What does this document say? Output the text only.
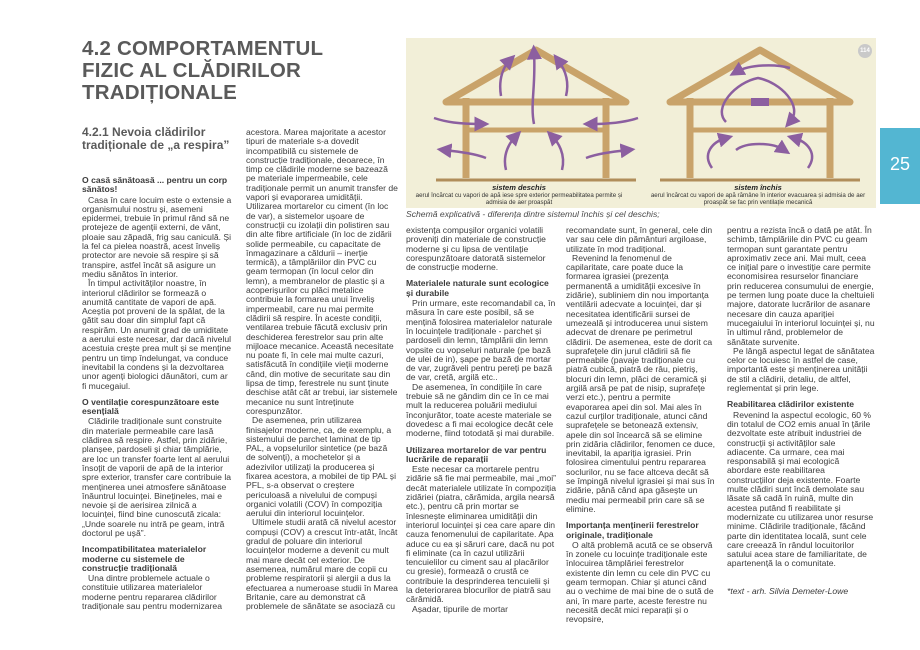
4.2 COMPORTAMENTUL FIZIC AL CLĂDIRILOR TRADIȚIONALE
4.2.1 Nevoia clădirilor tradiționale de „a respira”
25
114
sistem deschis
aerul încărcat cu vapori de apă iese spre exterior permeabilitatea permite și admisia de aer proaspăt
sistem închis
aerul încărcat cu vapori de apă rămâne în interior evacuarea și admisia de aer proaspăt se fac prin ventilație mecanică
Schemă explicativă - diferența dintre sistemul închis și cel deschis;
O casă sănătoasă ... pentru un corp sănătos!

Casa în care locuim este o extensie a organismului nostru și, asemeni epidermei, trebuie în primul rând să ne protejeze de agenții externi, de vânt, ploaie sau zăpadă, frig sau caniculă. Și la fel ca pielea noastră, acest înveliș protector are nevoie să respire și să transpire, astfel încât să asigure un mediu sănătos în interior.

În timpul activităților noastre, în interiorul clădirilor se formează o anumită cantitate de vapori de apă. Aceștia pot proveni de la spălat, de la gătit sau doar din simplul fapt că respirăm. Un anumit grad de umiditate a aerului este necesar, dar dacă nivelul acestuia crește prea mult și se menține pentru un timp îndelungat, va conduce inevitabil la condens și la dezvoltarea unor agenți biologici dăunători, cum ar fi mucegaiul.

O ventilație corespunzătoare este esențială

Clădirile tradiționale sunt construite din materiale permeabile care lasă clădirea să respire. Astfel, prin zidărie, planșee, pardoseli și chiar tâmplărie, are loc un transfer foarte lent al aerului însoțit de vaporii de apă de la interior spre exterior, transfer care contribuie la menținerea unei atmosfere sănătoase înăuntrul locuinței. Binețineles, mai e nevoie și de aerisirea zilnică a locuinței, fiind bine cunoscută zicala: „Unde soarele nu intră pe geam, intră doctorul pe ușă”.

Incompatibilitatea materialelor moderne cu sistemele de construcție tradițională

Una dintre problemele actuale o constituie utilizarea materialelor moderne pentru repararea clădirilor tradiționale sau pentru modernizarea

acestora. Marea majoritate a acestor tipuri de materiale s-a dovedit incompatibilă cu sistemele de construcție tradiționale, deoarece, în timp ce clădirile moderne se bazează pe materiale impermeabile, cele tradiționale permit un anumit transfer de vapori și evaporarea umidității. Utilizarea mortarelor cu ciment (în loc de var), a sistemelor ușoare de construcții cu izolații din polistiren sau din alte fibre artificiale (în loc de zidării solide permeabile, cu capacitate de înmagazinare a căldurii – inerție termică), a tâmplăriilor din PVC cu geam termopan (în locul celor din lemn), a membranelor de plastic și a acoperișurilor cu plăci metalice contribuie la formarea unui înveliș impermeabil, care nu mai permite clădirii să respire. În aceste condiții, ventilarea trebuie făcută exclusiv prin deschiderea ferestrelor sau prin alte mijloace mecanice. Această necesitate nu poate fi, în cele mai multe cazuri, satisfăcută în condițiile vieții moderne când, din motive de securitate sau din lipsa de timp, ferestrele nu sunt ținute deschise atât cât ar trebui, iar sistemele mecanice nu sunt întreținute corespunzător.

De asemenea, prin utilizarea finisajelor moderne, ca, de exemplu, a sistemului de parchet laminat de tip PAL, a vopselurilor sintetice (pe bază de solvenți), a mochetelor și a adezivilor utilizați la producerea și fixarea acestora, a mobilei de tip PAL și PFL, s-a observat o creștere periculoasă a nivelului de compuși organici volatili (COV) în compoziția aerului din interiorul locuințelor.

Ultimele studii arată că nivelul acestor compuși (COV) a crescut într-atât, încât gradul de poluare din interiorul locuințelor moderne a devenit cu mult mai mare decât cel exterior. De asemenea, numărul mare de copii cu probleme respiratorii și alergii a dus la efectuarea a numeroase studii în Marea Britanie, care au demonstrat că problemele de sănătate se asociază cu

existența compușilor organici volatili proveniți din materiale de construcție moderne și cu lipsa de ventilație corespunzătoare datorată sistemelor de construcție moderne.

Materialele naturale sunt ecologice și durabile

Prin urmare, este recomandabil ca, în măsura în care este posibil, să se mențină folosirea materialelor naturale în locuințele tradiționale - parchet și pardoseli din lemn, tâmplării din lemn vopsite cu vopseluri naturale (pe bază de ulei de in), șape pe bază de mortar de var, zugrăveli pentru pereți pe bază de var, cretă, argilă etc..

De asemenea, în condițiile în care trebuie să ne gândim din ce în ce mai mult la reducerea poluării mediului înconjurător, toate aceste materiale se dovedesc a fi mai ecologice decât cele moderne, fiind totodată și mai durabile.

Utilizarea mortarelor de var pentru lucrările de reparații

Este necesar ca mortarele pentru zidărie să fie mai permeabile, mai „moi” decât materialele utilizate în compoziția zidăriei (piatra, cărămida, argila nearsă etc.), pentru că prin mortar se înlesnește eliminarea umidității din interiorul locuinței și cea care apare din cauza fenomenului de capilaritate. Apa aduce cu ea și săruri care, dacă nu pot fi eliminate (ca în cazul utilizării tencuielilor cu ciment sau al placărilor cu gresie), formează o crustă ce contribuie la desprinderea tencuielii și la deteriorarea blocurilor de piatră sau cărămidă.

Așadar, tipurile de mortar

recomandate sunt, în general, cele din var sau cele din pământuri argiloase, utilizate în mod tradițional.

Revenind la fenomenul de capilaritate, care poate duce la formarea igrasiei (prezența permanentă a umidității excesive în zidărie), subliniem din nou importanța ventilării adecvate a locuinței, dar și necesitatea identificării sursei de umezeală și introducerea unui sistem adecvat de drenare pe perimetrul clădirii. De asemenea, este de dorit ca suprafețele din jurul clădirii să fie permeabile (pavaje tradiționale cu piatră cubică, piatră de râu, pietriș, blocuri din lemn, plăci de ceramică și argilă arsă pe pat de nisip, suprafețe verzi etc.), pentru a permite evaporarea apei din sol. Mai ales în cazul curților tradiționale, atunci când suprafețele se betonează extensiv, apele din sol încearcă să se elimine prin zidăria clădirilor, fenomen ce duce, inevitabil, la apariția igrasiei. Prin folosirea cimentului pentru repararea soclurilor, nu se face altceva decât să se împingă nivelul igrasiei și mai sus în zidărie, până când apa găsește un mediu mai permeabil prin care să se elimine.

Importanța menținerii ferestrelor originale, tradiționale

O altă problemă acută ce se observă în zonele cu locuințe tradiționale este înlocuirea tâmplăriei ferestrelor existente din lemn cu cele din PVC cu geam termopan. Chiar și atunci când au o vechime de mai bine de o sută de ani, în mare parte, aceste ferestre nu necesită decât mici reparații și o revopsire,

pentru a rezista încă o dată pe atât. În schimb, tâmplăriile din PVC cu geam termopan sunt garantate pentru aproximativ zece ani. Mai mult, ceea ce inițial pare o investiție care permite economisirea resurselor financiare prin reducerea consumului de energie, pe termen lung poate duce la cheltuieli majore, datorate lucrărilor de asanare necesare din cauza apariției mucegaiului în interiorul locuinței și, nu în ultimul rând, problemelor de sănătate survenite.

Pe lângă aspectul legat de sănătatea celor ce locuiesc în astfel de case, importantă este și menținerea unității de stil a clădirii, detaliu, de altfel, reglementat și prin lege.

Reabilitarea clădirilor existente

Revenind la aspectul ecologic, 60 % din totalul de CO2 emis anual în țările dezvoltate este atribuit industriei de construcții și activităților sale adiacente. Ca urmare, cea mai responsabilă și mai ecologică abordare este reabilitarea construcțiilor deja existente. Foarte multe clădiri sunt încă demolate sau lăsate să cadă în ruină, multe din acestea putând fi reabilitate și modernizate cu utilizarea unor resurse minime. Clădirile tradiționale, făcând parte din identitatea locală, sunt cele care creează în rândul locuitorilor satului acea stare de familiaritate, de apartenență la o comunitate.

*text - arh. Silvia Demeter-Lowe
